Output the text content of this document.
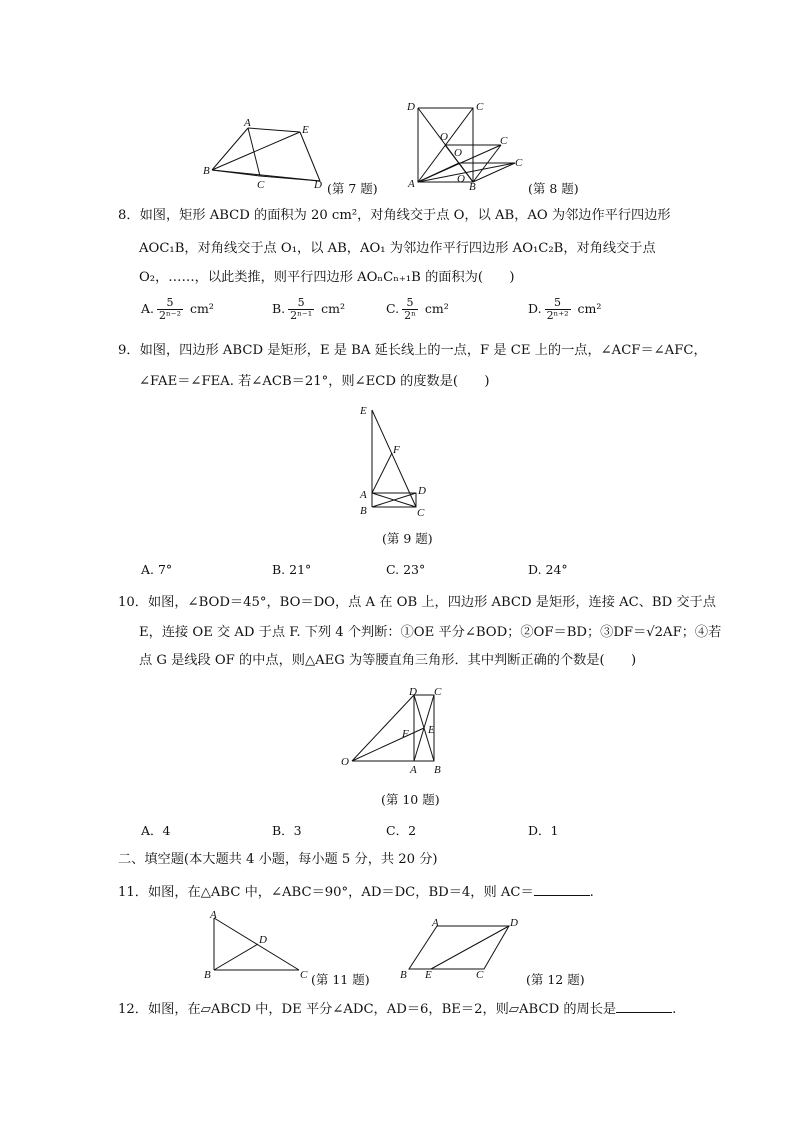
A
E
B
C	D (第 7 题)
D	C
O
O
C
C
A	O
B	(第 8 题)
8．如图，矩形 ABCD 的面积为 20 cm²，对角线交于点 O，以 AB，AO 为邻边作平行四边形
AOC₁B，对角线交于点 O₁，以 AB，AO₁ 为邻边作平行四边形 AO₁C₂B，对角线交于点
O₂，……，以此类推，则平行四边形 AOₙCₙ₊₁B 的面积为(　　)
A. $\frac{5}{\text{2ⁿ⁻²}} cm^2$	B. $\frac{5}{\text{2ⁿ⁻¹}} cm^2$	C. $\frac{5}{\text{2ⁿ}} cm^2$	D. $\frac{5}{\text{2ⁿ⁺²}} cm^2$
9．如图，四边形 ABCD 是矩形，E 是 BA 延长线上的一点，F 是 CE 上的一点，∠ACF＝∠AFC，
∠FAE＝∠FEA. 若∠ACB＝21°，则∠ECD 的度数是(　　)
E
F
A	D
B	C
(第 9 题)
A. 7°	B. 21°	C. 23°	D. 24°
10．如图，∠BOD＝45°，BO＝DO，点 A 在 OB 上，四边形 ABCD 是矩形，连接 AC、BD 交于点
E，连接 OE 交 AD 于点 F. 下列 4 个判断：①OE 平分∠BOD；②OF＝BD；③DF＝√2AF；④若
点 G 是线段 OF 的中点，则△AEG 为等腰直角三角形．其中判断正确的个数是(　　)
D C
F E
O
A B
(第 10 题)
A．4	B．3	C．2	D．1
二、填空题(本大题共 4 小题，每小题 5 分，共 20 分)
11．如图，在△ABC 中，∠ABC＝90°，AD＝DC，BD＝4，则 AC＝	.
A
D
B	C (第 11 题)
A	D
B E	C	(第 12 题)
12．如图，在▱ABCD 中，DE 平分∠ADC，AD＝6，BE＝2，则▱ABCD 的周长是	.
